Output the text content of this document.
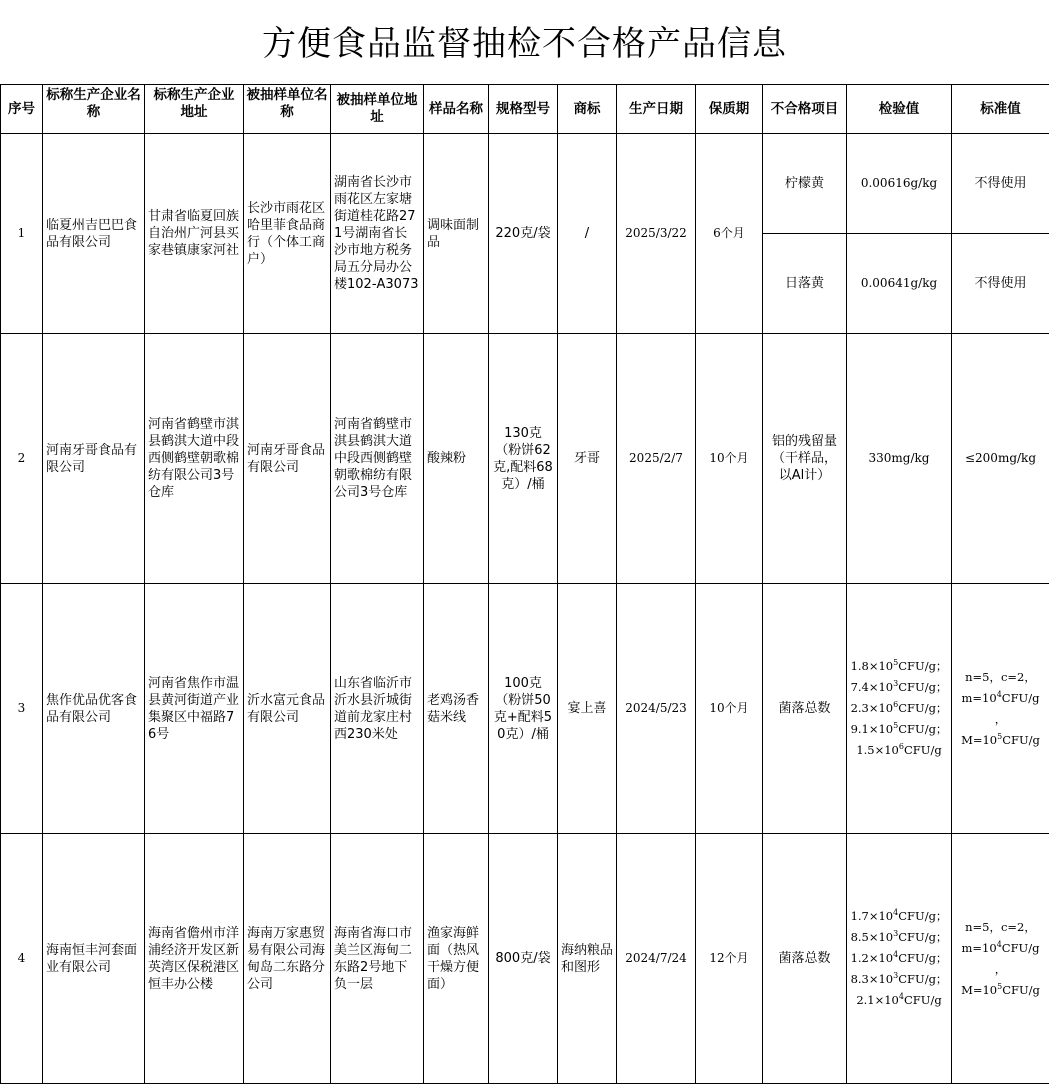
方便食品监督抽检不合格产品信息
序号	标称生产企业名称	标称生产企业地址	被抽样单位名称	被抽样单位地址	样品名称	规格型号	商标	生产日期	保质期	不合格项目	检验值	标准值
1	临夏州吉巴巴食品有限公司	甘肃省临夏回族自治州广河县买家巷镇康家河社	长沙市雨花区哈里菲食品商行（个体工商户）	湖南省长沙市雨花区左家塘街道桂花路271号湖南省长沙市地方税务局五分局办公楼102-A3073	调味面制品	220克/袋	/	2025/3/22	6个月	柠檬黄	0.00616g/kg	不得使用
										日落黄	0.00641g/kg	不得使用
2	河南牙哥食品有限公司	河南省鹤壁市淇县鹤淇大道中段西侧鹤壁朝歌棉纺有限公司3号仓库	河南牙哥食品有限公司	河南省鹤壁市淇县鹤淇大道中段西侧鹤壁朝歌棉纺有限公司3号仓库	酸辣粉	130克（粉饼62克,配料68克）/桶	牙哥	2025/2/7	10个月	铝的残留量（干样品，以Al计）	330mg/kg	≤200mg/kg
3	焦作优品优客食品有限公司	河南省焦作市温县黄河街道产业集聚区中福路76号	沂水富元食品有限公司	山东省临沂市沂水县沂城街道前龙家庄村西230米处	老鸡汤香菇米线	100克（粉饼50克+配料50克）/桶	宴上喜	2024/5/23	10个月	菌落总数	$1.8\times 10^5CFU/g$；
$7.4\times 10^3CFU/g$；
$2.3\times 10^6CFU/g$；
$9.1\times 10^5CFU/g$；
$1.5\times 10^6CFU/g$	n=5，c=2，
$m=10^4CFU/g$
，
$M=10^5CFU/g$

4	海南恒丰河套面业有限公司	海南省儋州市洋浦经济开发区新英湾区保税港区恒丰办公楼	海南万家惠贸易有限公司海甸岛二东路分公司	海南省海口市美兰区海甸二东路2号地下负一层	渔家海鲜面（热风干燥方便面）	800克/袋	海纳粮品和图形	2024/7/24	12个月	菌落总数	$1.7\times 10^4CFU/g$；
$8.5\times 10^3CFU/g$；
$1.2\times 10^4CFU/g$；
$8.3\times 10^3CFU/g$；
$2.1\times 10^4CFU/g$	n=5，c=2，
$m=10^4CFU/g$
，
$M=10^5CFU/g$
